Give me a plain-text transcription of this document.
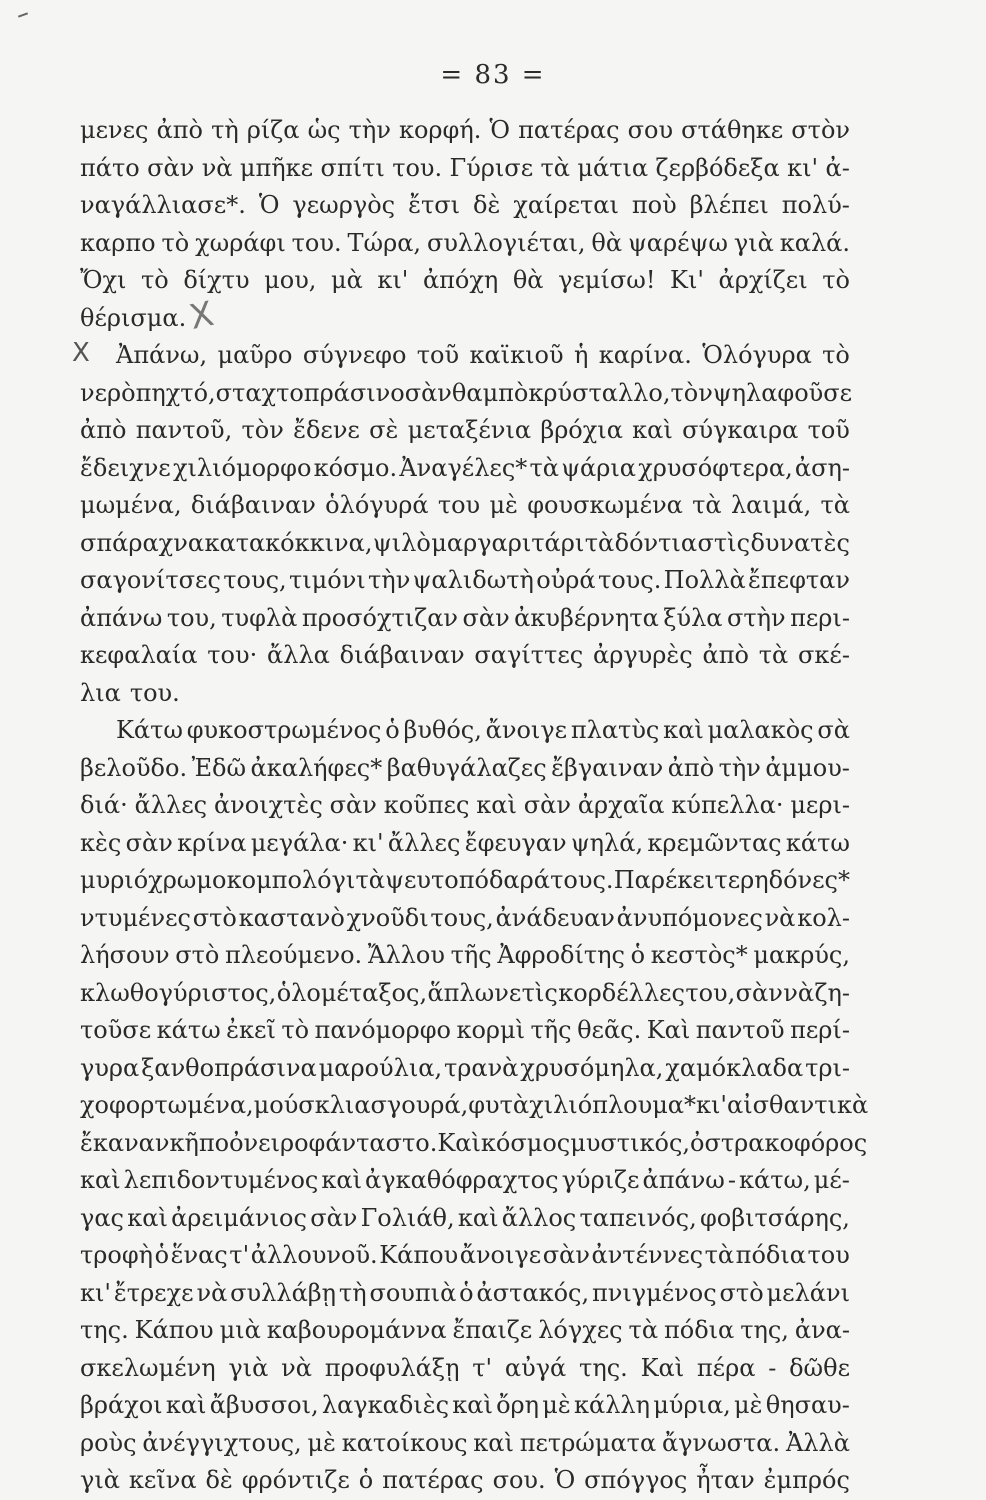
= 83 =
X
X
μενες ἀπὸ τὴ ρίζα ὡς τὴν κορφή. Ὁ πατέρας σου στάθηκε στὸν
πάτο σὰν νὰ μπῆκε σπίτι του. Γύρισε τὰ μάτια ζερβόδεξα κι' ἀ-
ναγάλλιασε*. Ὁ γεωργὸς ἔτσι δὲ χαίρεται ποὺ βλέπει πολύ-
καρπο τὸ χωράφι του. Τώρα, συλλογιέται, θὰ ψαρέψω γιὰ καλά.
Ὄχι τὸ δίχτυ μου, μὰ κι' ἀπόχη θὰ γεμίσω! Κι' ἀρχίζει τὸ
θέρισμα.
Ἀπάνω, μαῦρο σύγνεφο τοῦ καϊκιοῦ ἡ καρίνα. Ὁλόγυρα τὸ
νερὸ πηχτό, σταχτοπράσινο σὰν θαμπὸ κρύσταλλο, τὸν ψηλαφοῦσε
ἀπὸ παντοῦ, τὸν ἔδενε σὲ μεταξένια βρόχια καὶ σύγκαιρα τοῦ
ἔδειχνε χιλιόμορφο κόσμο. Ἀναγέλες* τὰ ψάρια χρυσόφτερα, ἀση-
μωμένα, διάβαιναν ὁλόγυρά του μὲ φουσκωμένα τὰ λαιμά, τὰ
σπάραχνα κατακόκκινα, ψιλὸ μαργαριτάρι τὰ δόντια στὶς δυνατὲς
σαγονίτσες τους, τιμόνι τὴν ψαλιδωτὴ οὐρά τους. Πολλὰ ἔπεφταν
ἀπάνω του, τυφλὰ προσόχτιζαν σὰν ἀκυβέρνητα ξύλα στὴν περι-
κεφαλαία του· ἄλλα διάβαιναν σαγίττες ἀργυρὲς ἀπὸ τὰ σκέ-
λια του.
Κάτω φυκοστρωμένος ὁ βυθός, ἄνοιγε πλατὺς καὶ μαλακὸς σὰ
βελοῦδο. Ἐδῶ ἀκαλήφες* βαθυγάλαζες ἔβγαιναν ἀπὸ τὴν ἀμμου-
διά· ἄλλες ἀνοιχτὲς σὰν κοῦπες καὶ σὰν ἀρχαῖα κύπελλα· μερι-
κὲς σὰν κρίνα μεγάλα· κι' ἄλλες ἔφευγαν ψηλά, κρεμῶντας κάτω
μυριόχρωμο κομπολόγι τὰ ψευτοπόδαρά τους. Παρέκει τερηδόνες*
ντυμένες στὸ καστανὸ χνοῦδι τους, ἀνάδευαν ἀνυπόμονες νὰ κολ-
λήσουν στὸ πλεούμενο. Ἄλλου τῆς Ἀφροδίτης ὁ κεστὸς* μακρύς,
κλωθογύριστος, ὁλομέταξος, ἅπλωνε τὶς κορδέλλες του, σὰν νὰ ζη-
τοῦσε κάτω ἐκεῖ τὸ πανόμορφο κορμὶ τῆς θεᾶς. Καὶ παντοῦ περί-
γυρα ξανθοπράσινα μαρούλια, τρανὰ χρυσόμηλα, χαμόκλαδα τρι-
χοφορτωμένα, μούσκλια σγουρά, φυτὰ χιλιόπλουμα* κι' αἰσθαντικὰ
ἔκαναν κῆπο ὀνειροφάνταστο. Καὶ κόσμος μυστικός, ὀστρακοφόρος
καὶ λεπιδοντυμένος καὶ ἀγκαθόφραχτος γύριζε ἀπάνω - κάτω, μέ-
γας καὶ ἀρειμάνιος σὰν Γολιάθ, καὶ ἄλλος ταπεινός, φοβιτσάρης,
τροφὴ ὁ ἕνας τ' ἀλλουνοῦ. Κάπου ἄνοιγε σὰν ἀντέννες τὰ πόδια του
κι' ἔτρεχε νὰ συλλάβῃ τὴ σουπιὰ ὁ ἀστακός, πνιγμένος στὸ μελάνι
της. Κάπου μιὰ καβουρομάννα ἔπαιζε λόγχες τὰ πόδια της, ἀνα-
σκελωμένη γιὰ νὰ προφυλάξῃ τ' αὐγά της. Καὶ πέρα - δῶθε
βράχοι καὶ ἄβυσσοι, λαγκαδιὲς καὶ ὄρη μὲ κάλλη μύρια, μὲ θησαυ-
ροὺς ἀνέγγιχτους, μὲ κατοίκους καὶ πετρώματα ἄγνωστα. Ἀλλὰ
γιὰ κεῖνα δὲ φρόντιζε ὁ πατέρας σου. Ὁ σπόγγος ἦταν ἐμπρός
